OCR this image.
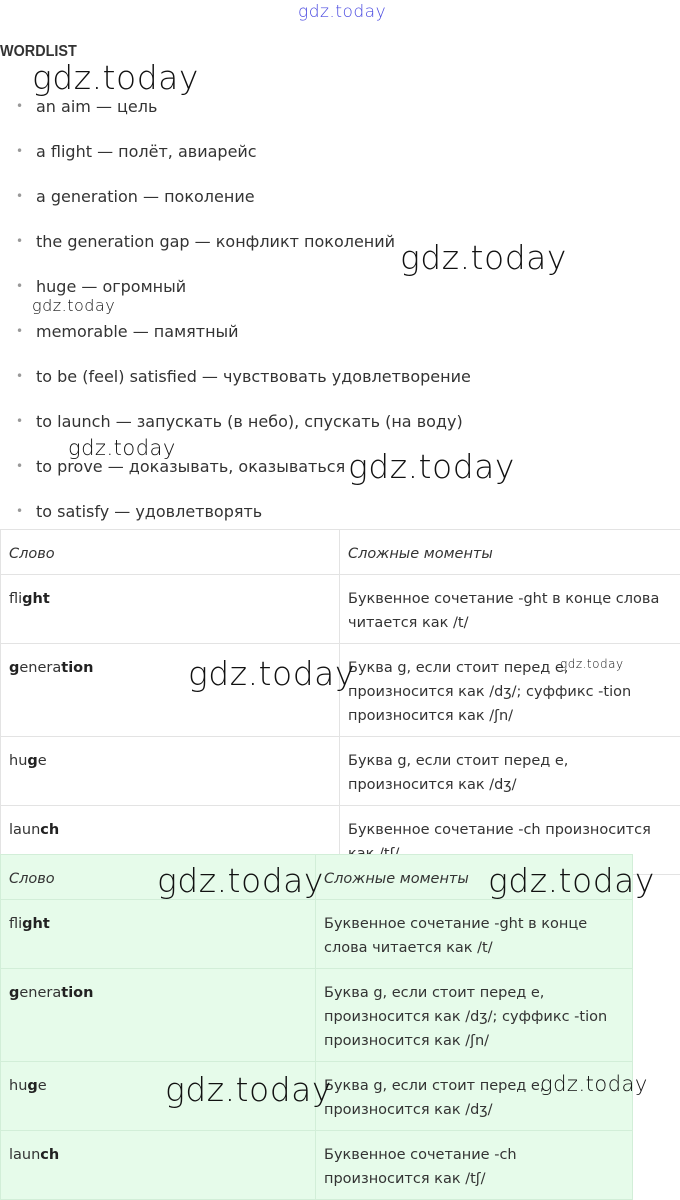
gdz.today
gdz.today
gdz.today
gdz.today
gdz.today	gdz.today
WORDLIST
• an aim — цель
• a flight — полёт, авиарейс
• a generation — поколение
• the generation gap — конфликт поколений
• huge — огромный
• memorable — памятный
• to be (feel) satisfied — чувствовать удовлетворение
• to launch — запускать (в небо), спускать (на воду)
• to prove — доказывать, оказываться
• to satisfy — удовлетворять
Слово	Сложные моменты
flight	Буквенное сочетание -ght в конце слова читается как /t/
generation	Буква g, если стоит перед e, произносится как /dʒ/; суффикс -tion произносится как /ʃn/
huge	Буква g, если стоит перед e, произносится как /dʒ/
launch	Буквенное сочетание -ch произносится
Слово	Сложные моменты
flight	Буквенное сочетание -ght в конце слова читается как /t/
generation	Буква g, если стоит перед e, произносится как /dʒ/; суффикс -tion произносится как /ʃn/
huge	Буква g, если стоит перед e, произносится как /dʒ/
launch	Буквенное сочетание -ch произносится как /tʃ/
gdz.today	gdz.today
gdz.today	gdz.today
gdz.today	gdz.today
